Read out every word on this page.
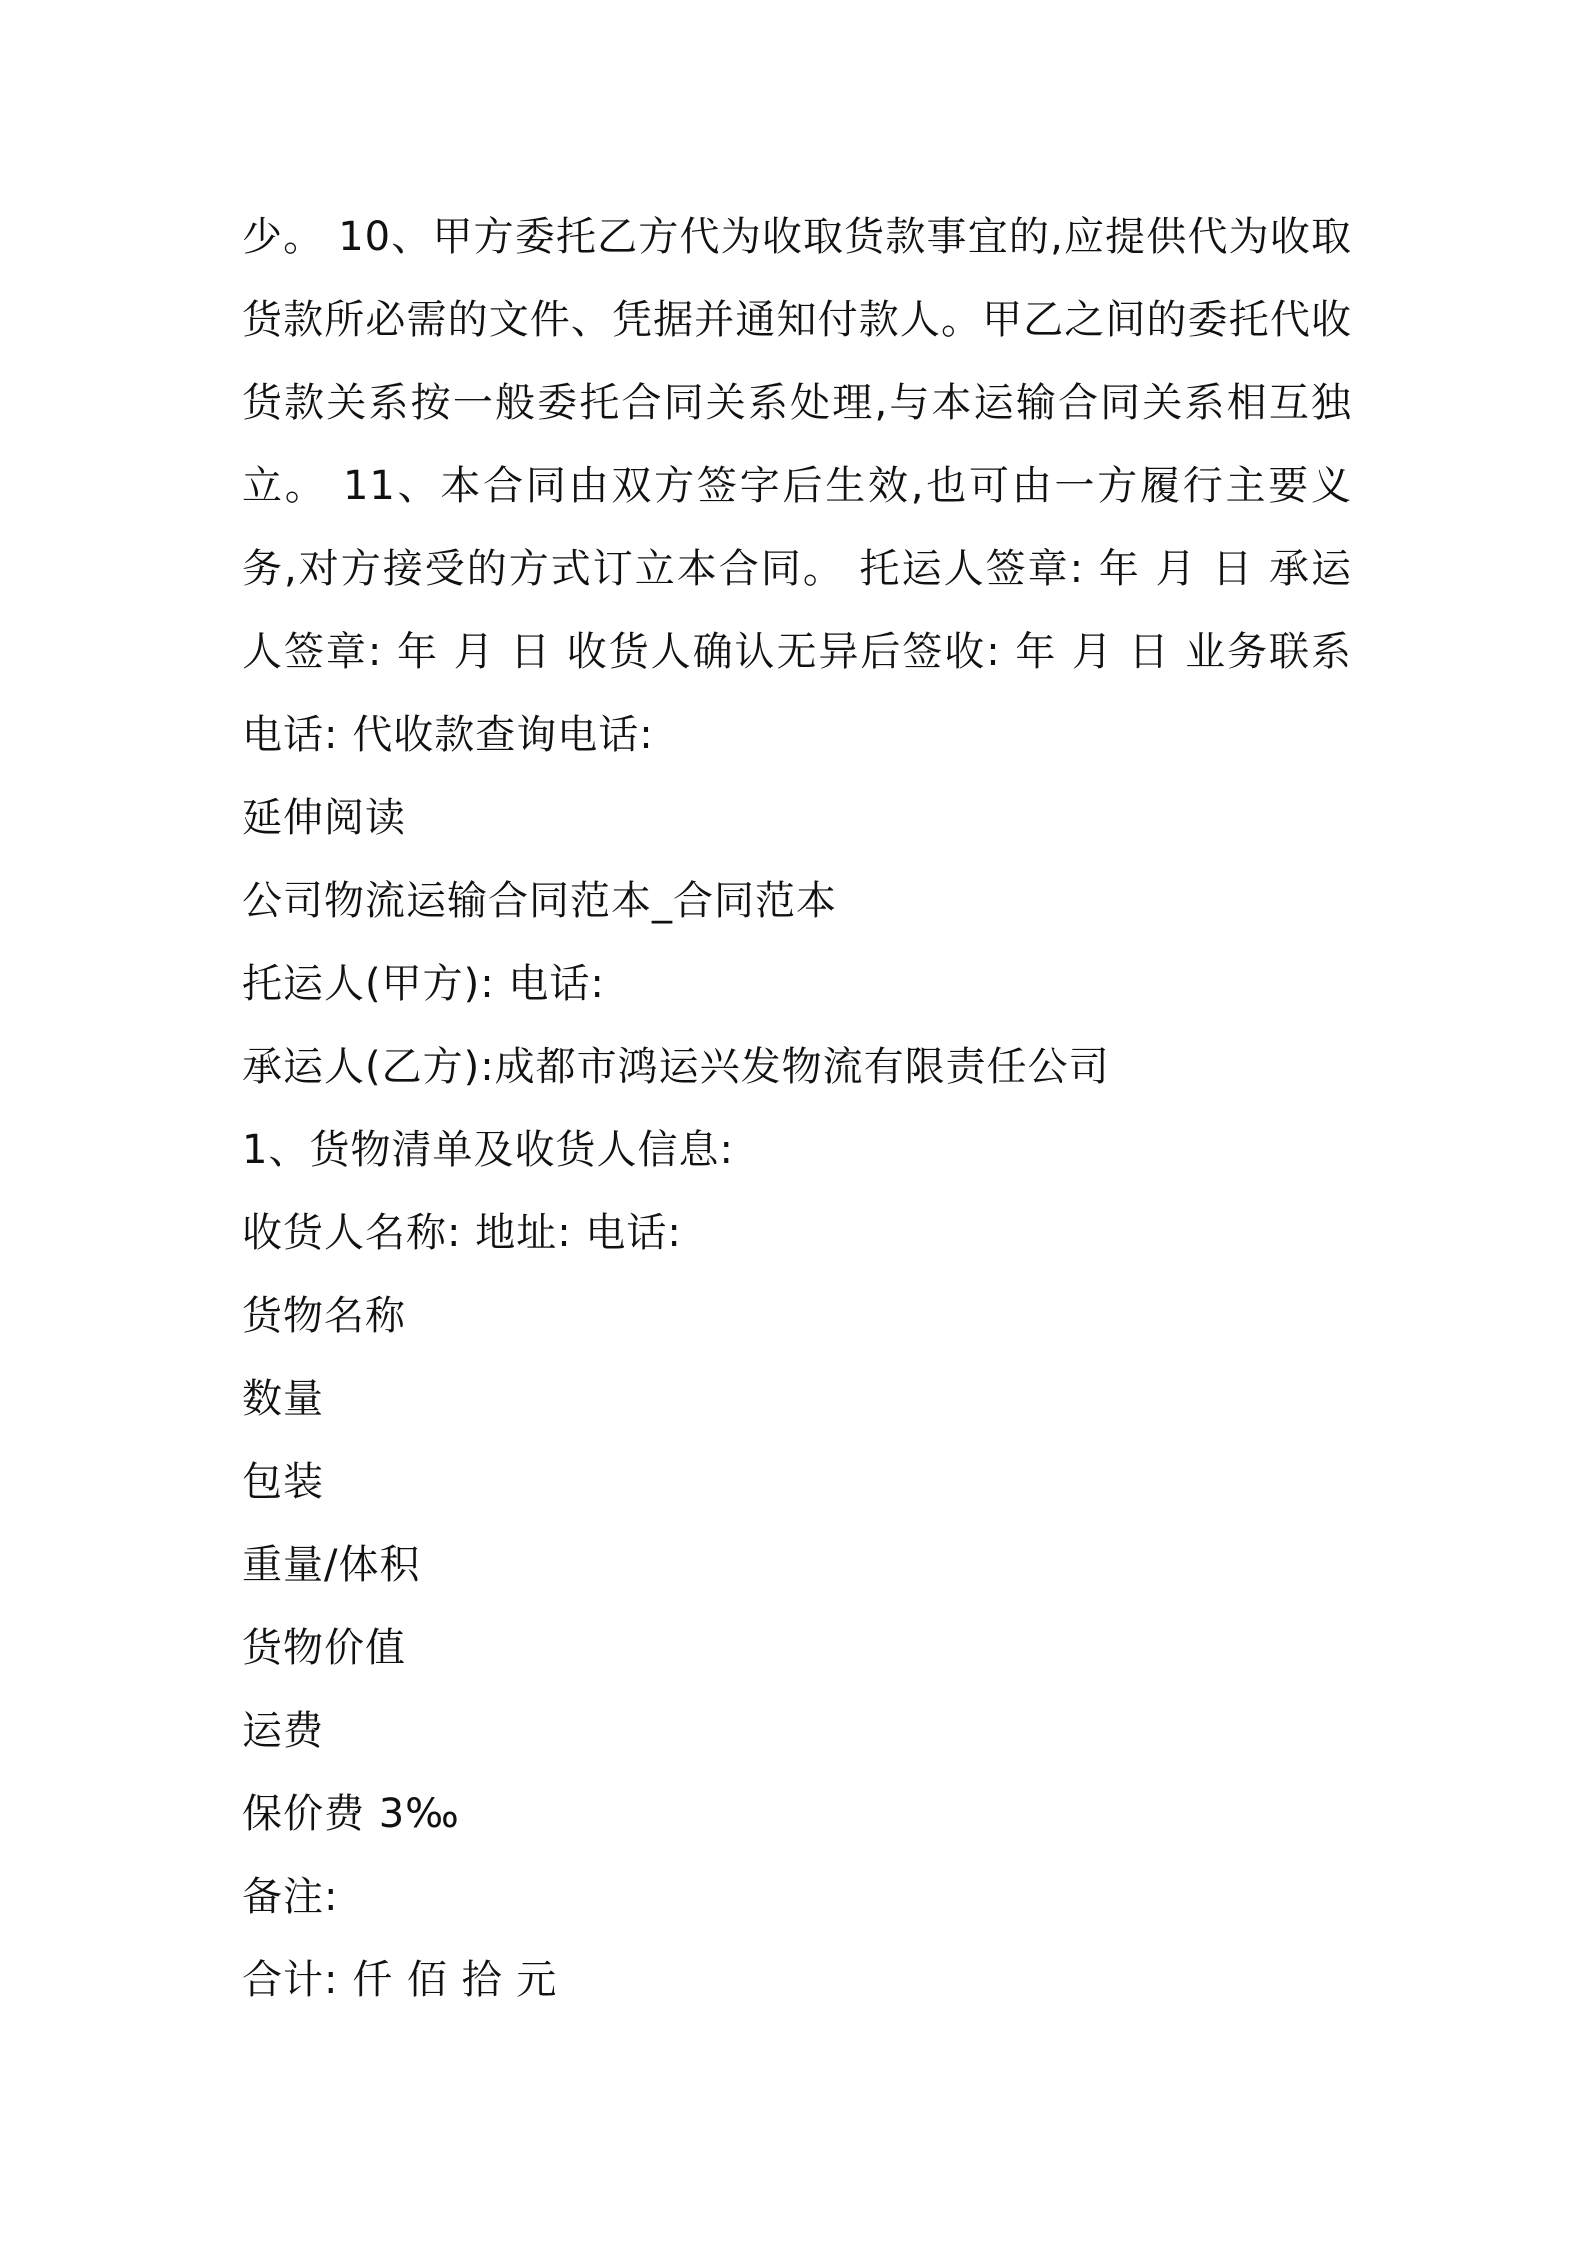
少。 10、甲方委托乙方代为收取货款事宜的,应提供代为收取货款所必需的文件、凭据并通知付款人。甲乙之间的委托代收货款关系按一般委托合同关系处理,与本运输合同关系相互独立。 11、本合同由双方签字后生效,也可由一方履行主要义务,对方接受的方式订立本合同。 托运人签章: 年 月 日 承运人签章: 年 月 日 收货人确认无异后签收: 年 月 日 业务联系电话: 代收款查询电话:

延伸阅读

公司物流运输合同范本_合同范本

托运人(甲方): 电话:

承运人(乙方):成都市鸿运兴发物流有限责任公司

1、货物清单及收货人信息:

收货人名称: 地址: 电话:

货物名称

数量

包装

重量/体积

货物价值

运费

保价费 3‰

备注:

合计: 仟 佰 拾 元
